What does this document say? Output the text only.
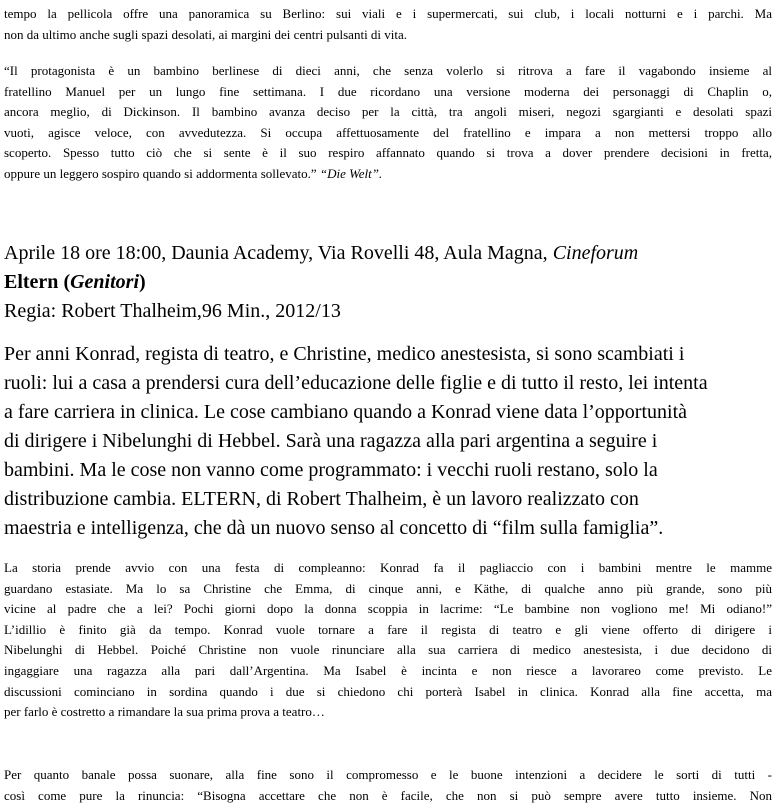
tempo la pellicola offre una panoramica su Berlino: sui viali e i supermercati, sui club, i locali notturni e i parchi. Ma
non da ultimo anche sugli spazi desolati, ai margini dei centri pulsanti di vita.
“Il protagonista è un bambino berlinese di dieci anni, che senza volerlo si ritrova a fare il vagabondo insieme al
fratellino Manuel per un lungo fine settimana. I due ricordano una versione moderna dei personaggi di Chaplin o,
ancora meglio, di Dickinson. Il bambino avanza deciso per la città, tra angoli miseri, negozi sgargianti e desolati spazi
vuoti, agisce veloce, con avvedutezza. Si occupa affettuosamente del fratellino e impara a non mettersi troppo allo
scoperto. Spesso tutto ciò che si sente è il suo respiro affannato quando si trova a dover prendere decisioni in fretta,
oppure un leggero sospiro quando si addormenta sollevato.” “Die Welt”.
Aprile 18 ore 18:00, Daunia Academy, Via Rovelli 48, Aula Magna, Cineforum
Eltern (Genitori)
Regia: Robert Thalheim,96 Min., 2012/13
Per anni Konrad, regista di teatro, e Christine, medico anestesista, si sono scambiati i
ruoli: lui a casa a prendersi cura dell’educazione delle figlie e di tutto il resto, lei intenta
a fare carriera in clinica. Le cose cambiano quando a Konrad viene data l’opportunità
di dirigere i Nibelunghi di Hebbel. Sarà una ragazza alla pari argentina a seguire i
bambini. Ma le cose non vanno come programmato: i vecchi ruoli restano, solo la
distribuzione cambia. ELTERN, di Robert Thalheim, è un lavoro realizzato con
maestria e intelligenza, che dà un nuovo senso al concetto di “film sulla famiglia”.
La storia prende avvio con una festa di compleanno: Konrad fa il pagliaccio con i bambini mentre le mamme
guardano estasiate. Ma lo sa Christine che Emma, di cinque anni, e Käthe, di qualche anno più grande, sono più
vicine al padre che a lei? Pochi giorni dopo la donna scoppia in lacrime: “Le bambine non vogliono me! Mi odiano!”
L’idillio è finito già da tempo. Konrad vuole tornare a fare il regista di teatro e gli viene offerto di dirigere i
Nibelunghi di Hebbel. Poiché Christine non vuole rinunciare alla sua carriera di medico anestesista, i due decidono di
ingaggiare una ragazza alla pari dall’Argentina. Ma Isabel è incinta e non riesce a lavorareo come previsto. Le
discussioni cominciano in sordina quando i due si chiedono chi porterà Isabel in clinica. Konrad alla fine accetta, ma
per farlo è costretto a rimandare la sua prima prova a teatro…
Per quanto banale possa suonare, alla fine sono il compromesso e le buone intenzioni a decidere le sorti di tutti -
così come pure la rinuncia: “Bisogna accettare che non è facile, che non si può sempre avere tutto insieme. Non
